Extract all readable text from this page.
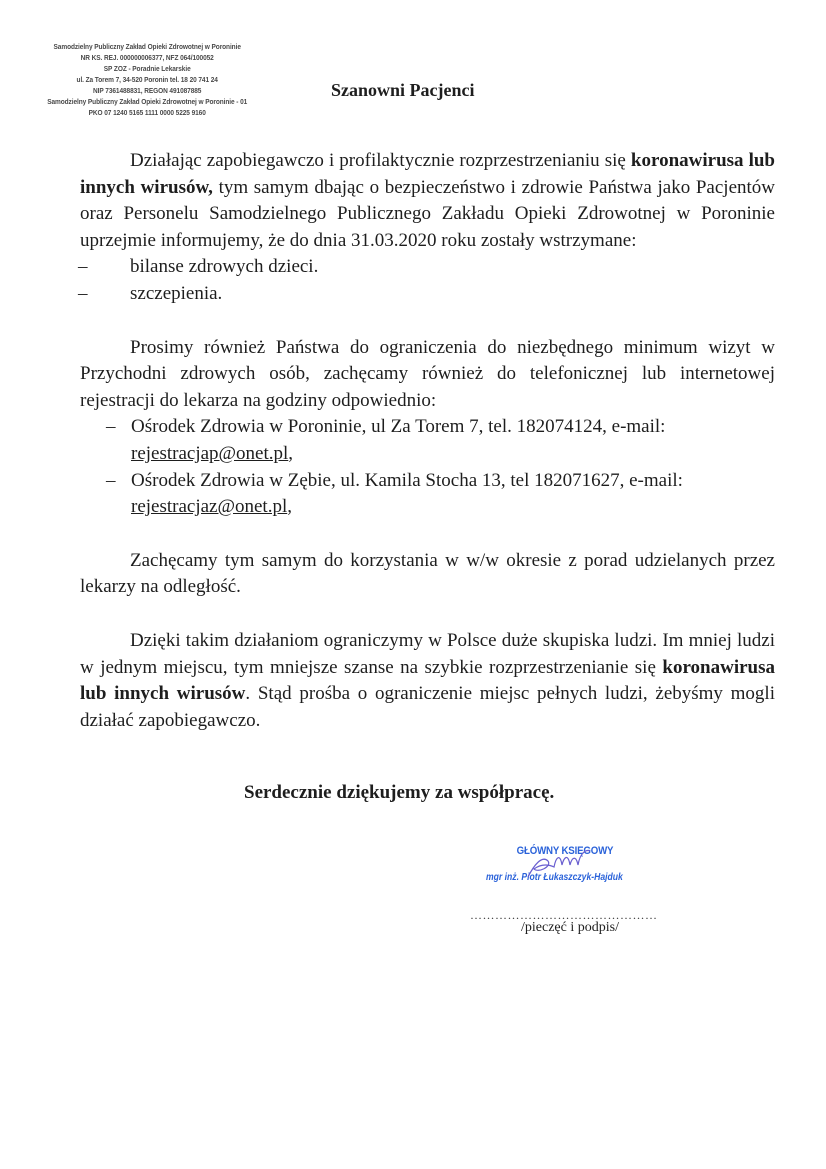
Samodzielny Publiczny Zakład Opieki Zdrowotnej w Poroninie
NR KS. REJ. 000000006377, NFZ 064/100052
SP ZOZ - Poradnie Lekarskie
ul. Za Torem 7, 34-520 Poronin tel. 18 20 741 24
NIP 7361488831, REGON 491087885
Samodzielny Publiczny Zakład Opieki Zdrowotnej w Poroninie - 01
PKO 07 1240 5165 1111 0000 5225 9160
Szanowni Pacjenci

Działając zapobiegawczo i profilaktycznie rozprzestrzenianiu się koronawirusa lub innych wirusów, tym samym dbając o bezpieczeństwo i zdrowie Państwa jako Pacjentów oraz Personelu Samodzielnego Publicznego Zakładu Opieki Zdrowotnej w Poroninie uprzejmie informujemy, że do dnia 31.03.2020 roku zostały wstrzymane:

–	bilanse zdrowych dzieci.
–	szczepienia.

Prosimy również Państwa do ograniczenia do niezbędnego minimum wizyt w Przychodni zdrowych osób, zachęcamy również do telefonicznej lub internetowej rejestracji do lekarza na godziny odpowiednio:

– Ośrodek Zdrowia w Poroninie, ul Za Torem 7, tel. 182074124, e-mail:
rejestracjap@onet.pl,
– Ośrodek Zdrowia w Zębie, ul. Kamila Stocha 13, tel 182071627, e-mail:
rejestracjaz@onet.pl,

Zachęcamy tym samym do korzystania w w/w okresie z porad udzielanych przez lekarzy na odległość.

Dzięki takim działaniom ograniczymy w Polsce duże skupiska ludzi. Im mniej ludzi w jednym miejscu, tym mniejsze szanse na szybkie rozprzestrzenianie się koronawirusa lub innych wirusów. Stąd prośba o ograniczenie miejsc pełnych ludzi, żebyśmy mogli działać zapobiegawczo.

Serdecznie dziękujemy za współpracę.
GŁÓWNY KSIĘGOWY
mgr inż. Piotr Łukaszczyk-Hajduk
………………………………………
/pieczęć i podpis/
